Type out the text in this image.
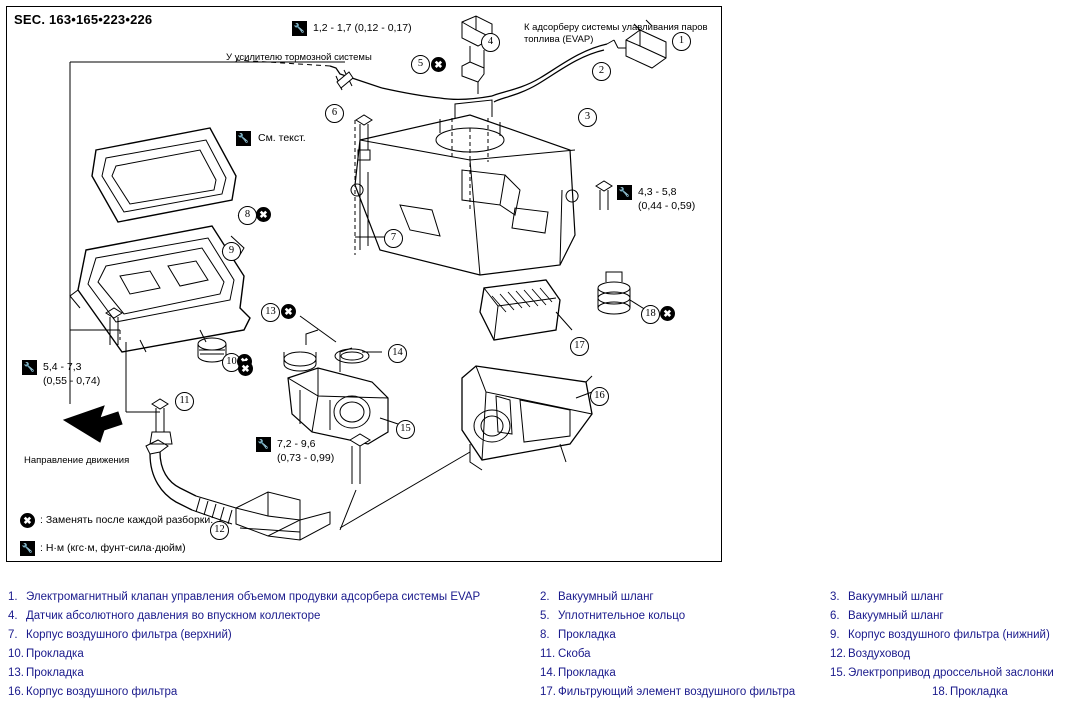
SEC. 163•165•223•226
1
2
3
4
5
6
7
8
9
10
11
12
13
14
15
16
17
18
✖
✖
✖
✖
✖
🔧
1,2 - 1,7 (0,12 - 0,17)
🔧
4,3 - 5,8
(0,44 - 0,59)
🔧
5,4 - 7,3
(0,55 - 0,74)
✖
🔧
7,2 - 9,6
(0,73 - 0,99)
К адсорберу системы улавливания паров топлива (EVAP)
У усилителю тормозной системы
🔧
См. текст.
Направление движения
✖
: Заменять после каждой разборки.
🔧
: Н·м (кгс·м, фунт-сила·дюйм)
1. Электромагнитный клапан управления объемом продувки адсорбера системы EVAP	2. Вакуумный шланг	3. Вакуумный шланг
4. Датчик абсолютного давления во впускном коллекторе	5. Уплотнительное кольцо	6. Вакуумный шланг
7. Корпус воздушного фильтра (верхний)	8. Прокладка	9. Корпус воздушного фильтра (нижний)
10. Прокладка	11. Скоба	12. Воздуховод
13. Прокладка	14. Прокладка	15. Электропривод дроссельной заслонки
16. Корпус воздушного фильтра	17. Фильтрующий элемент воздушного фильтра	18. Прокладка
